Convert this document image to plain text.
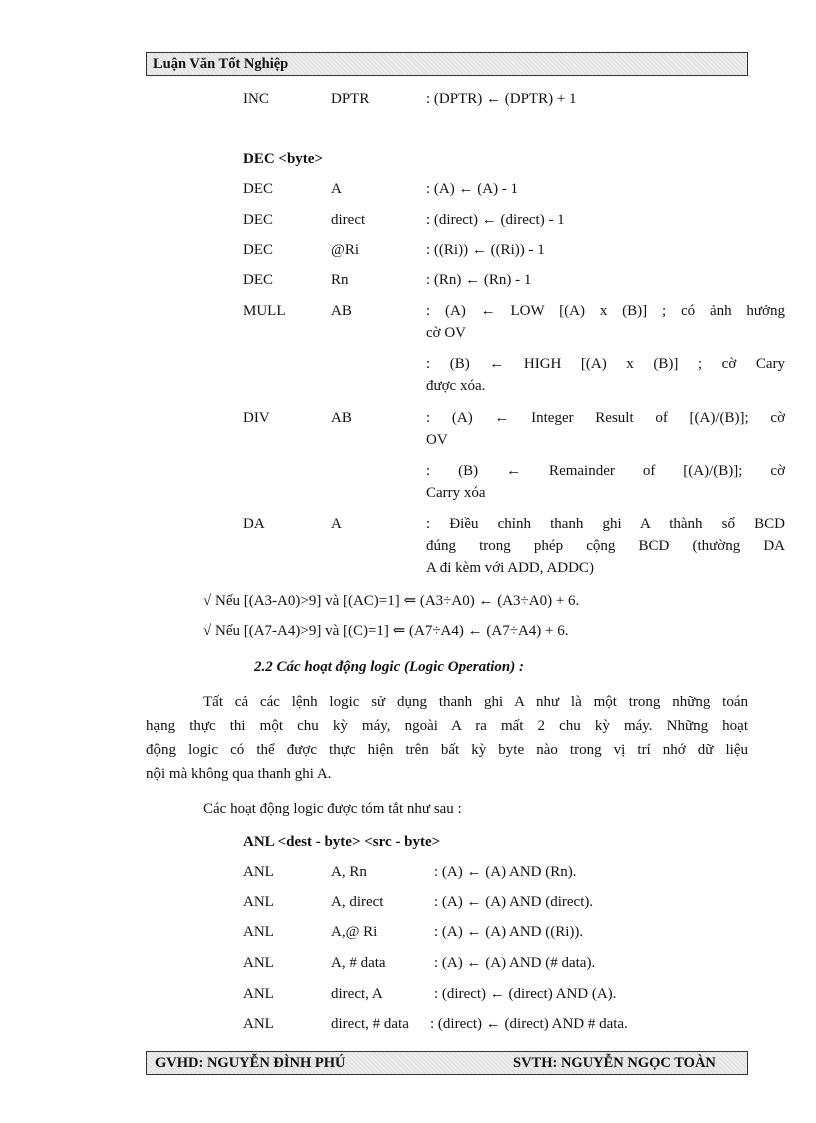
Luận Văn Tốt Nghiệp
INC	DPTR	: (DPTR) ← (DPTR) + 1
DEC <byte>
DEC	A	: (A) ← (A) - 1
DEC	direct	: (direct) ← (direct) - 1
DEC	@Ri	: ((Ri)) ← ((Ri)) - 1
DEC	Rn	: (Rn) ← (Rn) - 1
MULL	AB	: (A) ← LOW [(A) x (B)] ; có ảnh hưởng
cờ OV
: (B) ← HIGH [(A) x (B)] ; cờ Cary
được xóa.
DIV	AB	: (A) ← Integer Result of [(A)/(B)]; cờ
OV
: (B) ← Remainder of [(A)/(B)]; cờ
Carry xóa
DA	A	: Điều chỉnh thanh ghi A thành số BCD
đúng trong phép cộng BCD (thường DA
A đi kèm với ADD, ADDC)
√ Nếu [(A3-A0)>9] và [(AC)=1] ⇐ (A3÷A0) ← (A3÷A0) + 6.
√ Nếu [(A7-A4)>9] và [(C)=1] ⇐ (A7÷A4) ← (A7÷A4) + 6.
2.2 Các hoạt động logic (Logic Operation) :
Tất cả các lệnh logic sử dụng thanh ghi A như là một trong những toán
hạng thực thi một chu kỳ máy, ngoài A ra mất 2 chu kỳ máy. Những hoạt
động logic có thể được thực hiện trên bất kỳ byte nào trong vị trí nhớ dữ liệu
nội mà không qua thanh ghi A.
Các hoạt động logic được tóm tắt như sau :
ANL <dest - byte> <src - byte>
ANL	A, Rn	: (A) ← (A) AND (Rn).
ANL	A, direct	: (A) ← (A) AND (direct).
ANL	A,@ Ri	: (A) ← (A) AND ((Ri)).
ANL	A, # data	: (A) ← (A) AND (# data).
ANL	direct, A	: (direct) ← (direct) AND (A).
ANL	direct, # data : (direct) ← (direct) AND # data.
GVHD: NGUYỄN ĐÌNH PHÚ	SVTH: NGUYỄN NGỌC TOÀN
